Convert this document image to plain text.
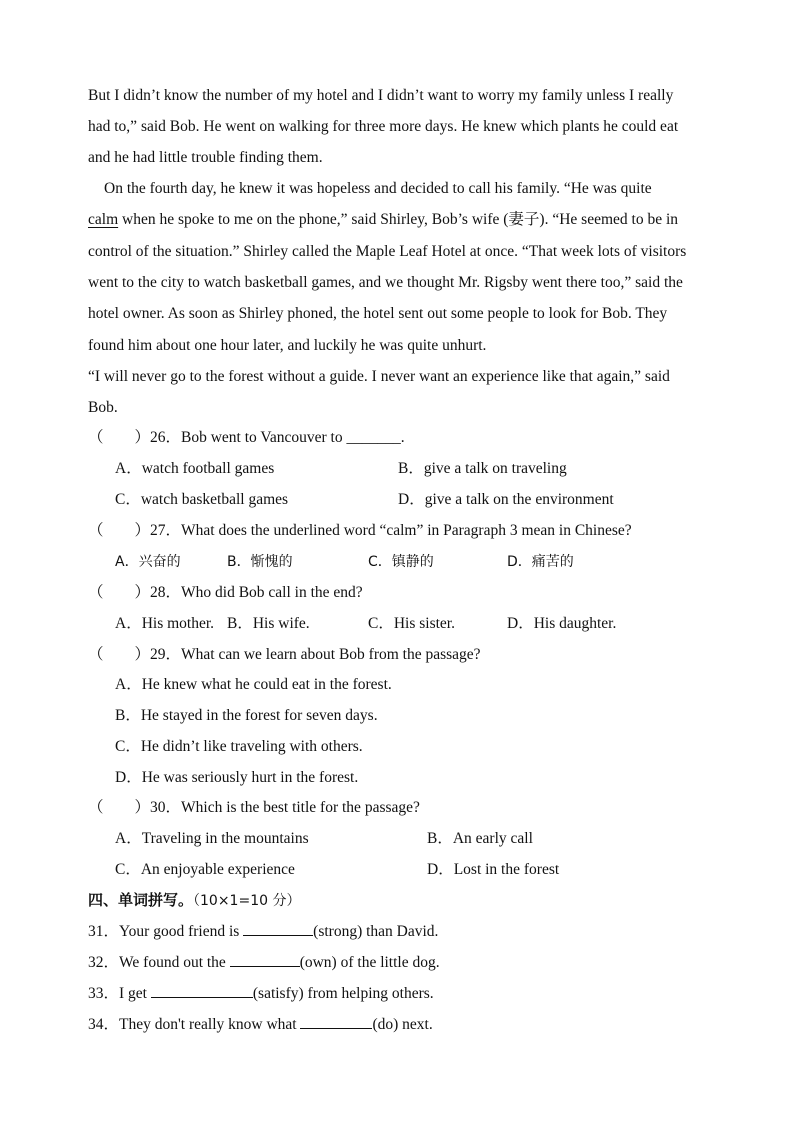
But I didn’t know the number of my hotel and I didn’t want to worry my family unless I really
had to,” said Bob. He went on walking for three more days. He knew which plants he could eat
and he had little trouble finding them.
On the fourth day, he knew it was hopeless and decided to call his family. “He was quite
calm when he spoke to me on the phone,” said Shirley, Bob’s wife (妻子). “He seemed to be in
control of the situation.” Shirley called the Maple Leaf Hotel at once. “That week lots of visitors
went to the city to watch basketball games, and we thought Mr. Rigsby went there too,” said the
hotel owner. As soon as Shirley phoned, the hotel sent out some people to look for Bob. They
found him about one hour later, and luckily he was quite unhurt.
“I will never go to the forest without a guide. I never want an experience like that again,” said
Bob.
（　　）26．Bob went to Vancouver to _______.
A．watch football games	B．give a talk on traveling
C．watch basketball games	D．give a talk on the environment
（　　）27．What does the underlined word “calm” in Paragraph 3 mean in Chinese?
A．兴奋的	B．惭愧的	C．镇静的	D．痛苦的
（　　）28．Who did Bob call in the end?
A．His mother. B．His wife.	C．His sister.	D．His daughter.
（　　）29．What can we learn about Bob from the passage?
A．He knew what he could eat in the forest.
B．He stayed in the forest for seven days.
C．He didn’t like traveling with others.
D．He was seriously hurt in the forest.
（　　）30．Which is the best title for the passage?
A．Traveling in the mountains	B．An early call
C．An enjoyable experience	D．Lost in the forest
四、单词拼写。（10×1=10 分）
31．Your good friend is	(strong) than David.
32．We found out the	(own) of the little dog.
33．I get	(satisfy) from helping others.
34．They don't really know what	(do) next.
